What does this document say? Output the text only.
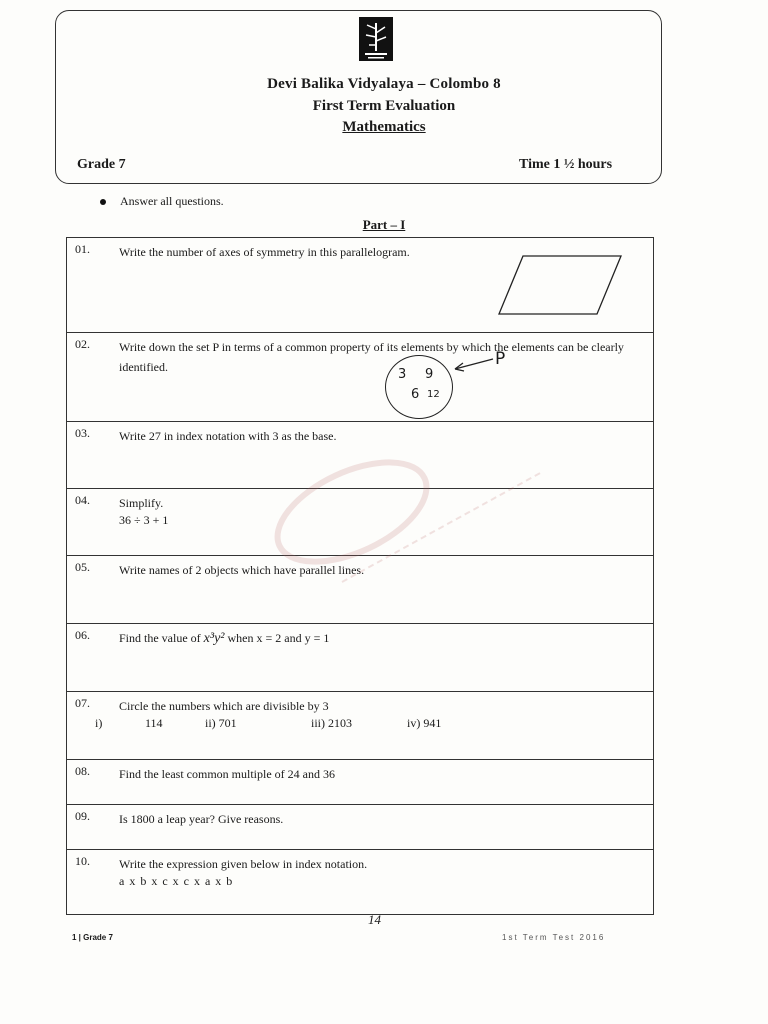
Devi Balika Vidyalaya – Colombo 8
First Term Evaluation
Mathematics
Grade 7	Time 1 ½ hours
Answer all questions.
Part – I
01. Write the number of axes of symmetry in this parallelogram.
02. Write down the set P in terms of a common property of its elements by which the elements can be clearly identified.	3 9
6 12
P
03. Write 27 in index notation with 3 as the base.
04. Simplify.
36 ÷ 3 + 1
05. Write names of 2 objects which have parallel lines.
06. Find the value of x³y² when x = 2 and y = 1
07. Circle the numbers which are divisible by 3
i)	114	ii) 701	iii) 2103	iv) 941
08. Find the least common multiple of 24 and 36
09. Is 1800 a leap year? Give reasons.
10. Write the expression given below in index notation.
a x b x c x c x a x b
14
1 | Grade 7	1st Term Test 2016
